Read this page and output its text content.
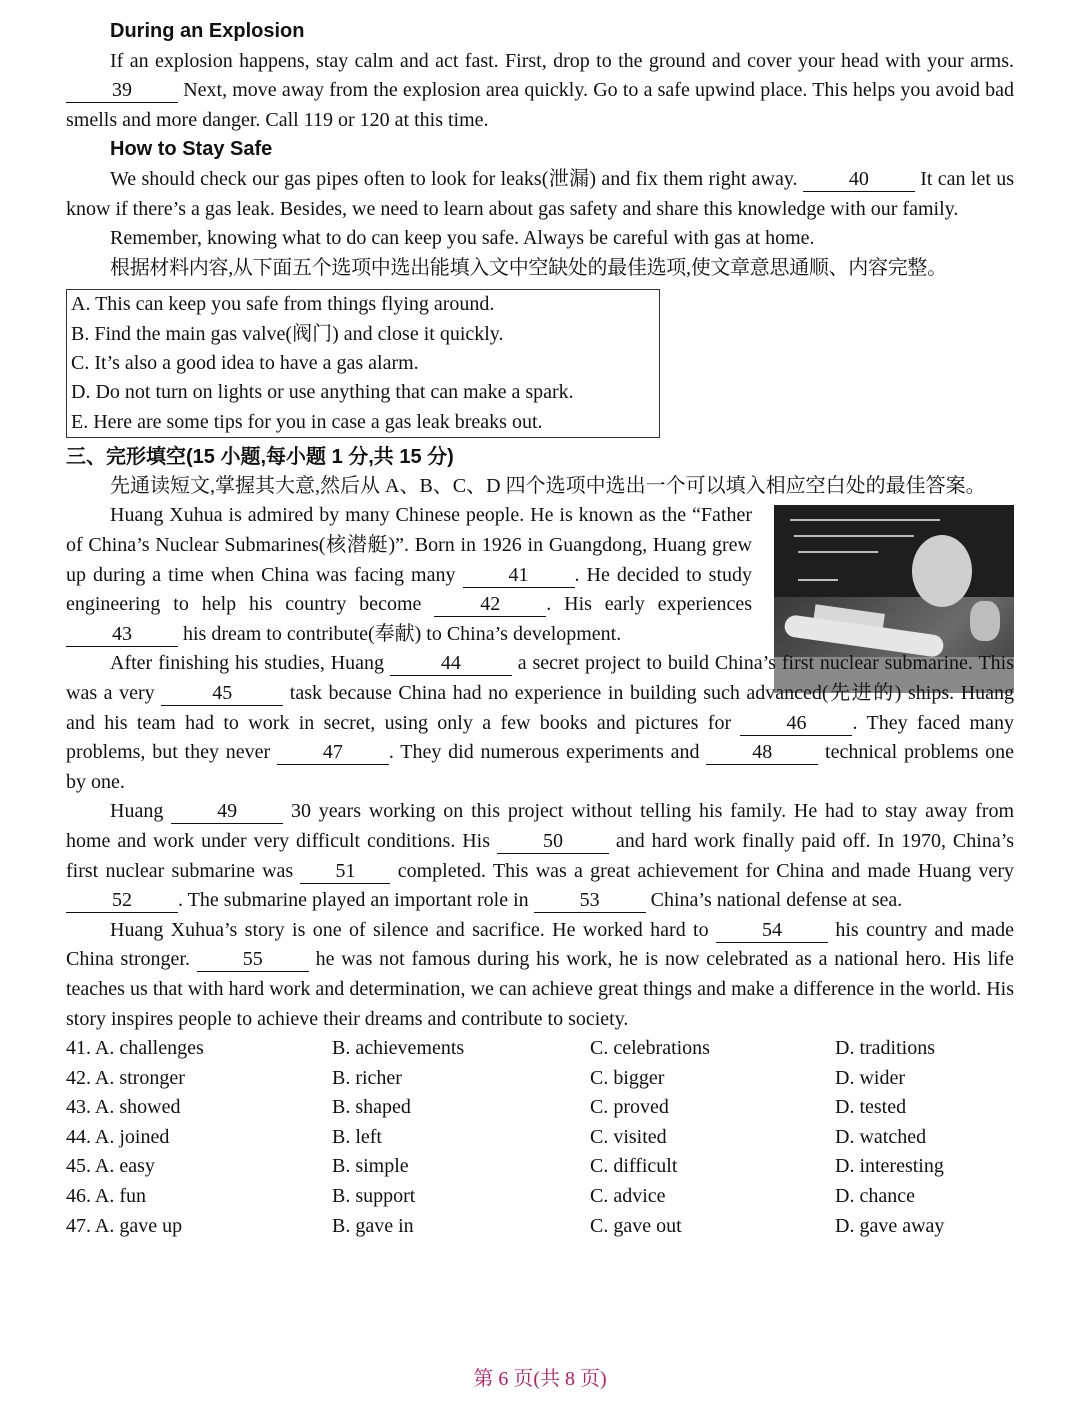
During an Explosion
If an explosion happens, stay calm and act fast. First, drop to the ground and cover your head with your arms. 39	Next, move away from the explosion area quickly. Go to a safe upwind place. This helps you avoid bad smells and more danger. Call 119 or 120 at this time.
How to Stay Safe
We should check our gas pipes often to look for leaks(泄漏) and fix them right away.	40	It can let us know if there’s a gas leak. Besides, we need to learn about gas safety and share this knowledge with our family.
Remember, knowing what to do can keep you safe. Always be careful with gas at home.
根据材料内容,从下面五个选项中选出能填入文中空缺处的最佳选项,使文章意思通顺、内容完整。
A. This can keep you safe from things flying around.
B. Find the main gas valve(阀门) and close it quickly.
C. It’s also a good idea to have a gas alarm.
D. Do not turn on lights or use anything that can make a spark.
E. Here are some tips for you in case a gas leak breaks out.
三、完形填空(15 小题,每小题 1 分,共 15 分)
先通读短文,掌握其大意,然后从 A、B、C、D 四个选项中选出一个可以填入相应空白处的最佳答案。
Huang Xuhua is admired by many Chinese people. He is known as the “Father of China’s Nuclear Submarines(核潜艇)”. Born in 1926 in Guangdong, Huang grew up during a time when China was facing many	41 . He decided to study engineering to help his country become	42 . His early experiences 43	his dream to contribute(奉献) to China’s development.
After finishing his studies, Huang	44	a secret project to build China’s first nuclear submarine. This was a very	45	task because China had no experience in building such advanced(先进的) ships. Huang and his team had to work in secret, using only a few books and pictures for	46 . They faced many problems, but they never	47 . They did numerous experiments and	48	technical problems one by one.
Huang	49	30 years working on this project without telling his family. He had to stay away from home and work under very difficult conditions. His	50	and hard work finally paid off. In 1970, China’s first nuclear submarine was 51 completed. This was a great achievement for China and made Huang very 52 . The submarine played an important role in	53	China’s national defense at sea.
Huang Xuhua’s story is one of silence and sacrifice. He worked hard to	54	his country and made China stronger.	55	he was not famous during his work, he is now celebrated as a national hero. His life teaches us that with hard work and determination, we can achieve great things and make a difference in the world. His story inspires people to achieve their dreams and contribute to society.
41. A. challenges	B. achievements	C. celebrations	D. traditions
42. A. stronger	B. richer	C. bigger	D. wider
43. A. showed	B. shaped	C. proved	D. tested
44. A. joined	B. left	C. visited	D. watched
45. A. easy	B. simple	C. difficult	D. interesting
46. A. fun	B. support	C. advice	D. chance
47. A. gave up	B. gave in	C. gave out	D. gave away
第 6 页(共 8 页)
